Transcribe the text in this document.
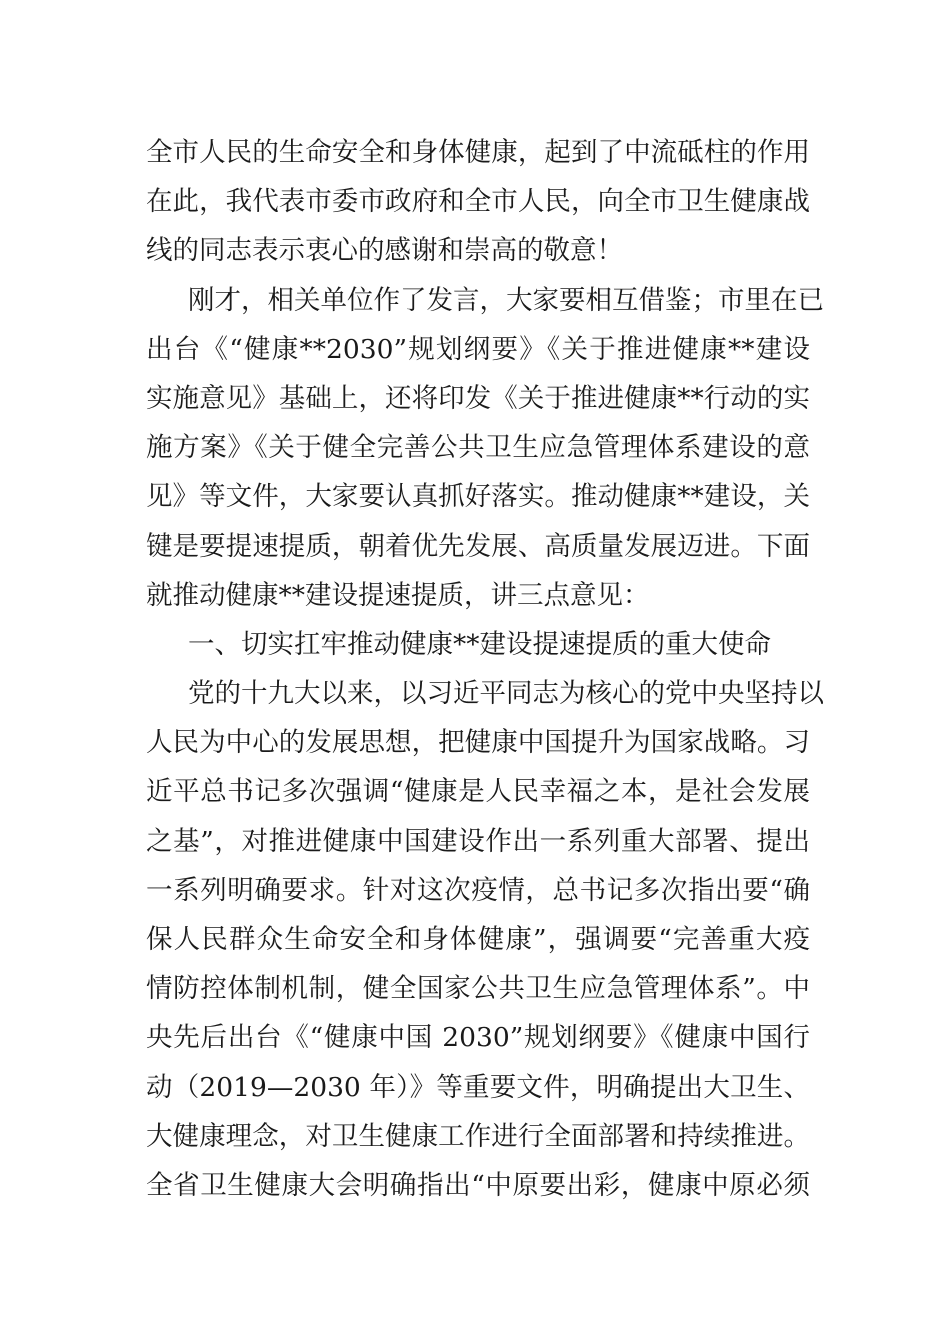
全市人民的生命安全和身体健康，起到了中流砥柱的作用
在此，我代表市委市政府和全市人民，向全市卫生健康战
线的同志表示衷心的感谢和崇高的敬意！
刚才，相关单位作了发言，大家要相互借鉴；市里在已
出台《“健康**2030”规划纲要》《关于推进健康**建设
实施意见》基础上，还将印发《关于推进健康**行动的实
施方案》《关于健全完善公共卫生应急管理体系建设的意
见》等文件，大家要认真抓好落实。推动健康**建设，关
键是要提速提质，朝着优先发展、高质量发展迈进。下面
就推动健康**建设提速提质，讲三点意见：
一、切实扛牢推动健康**建设提速提质的重大使命
党的十九大以来，以习近平同志为核心的党中央坚持以
人民为中心的发展思想，把健康中国提升为国家战略。习
近平总书记多次强调“健康是人民幸福之本，是社会发展
之基”，对推进健康中国建设作出一系列重大部署、提出
一系列明确要求。针对这次疫情，总书记多次指出要“确
保人民群众生命安全和身体健康”，强调要“完善重大疫
情防控体制机制，健全国家公共卫生应急管理体系”。中
央先后出台《“健康中国 2030”规划纲要》《健康中国行
动（2019—2030 年）》等重要文件，明确提出大卫生、
大健康理念，对卫生健康工作进行全面部署和持续推进。
全省卫生健康大会明确指出“中原要出彩，健康中原必须
